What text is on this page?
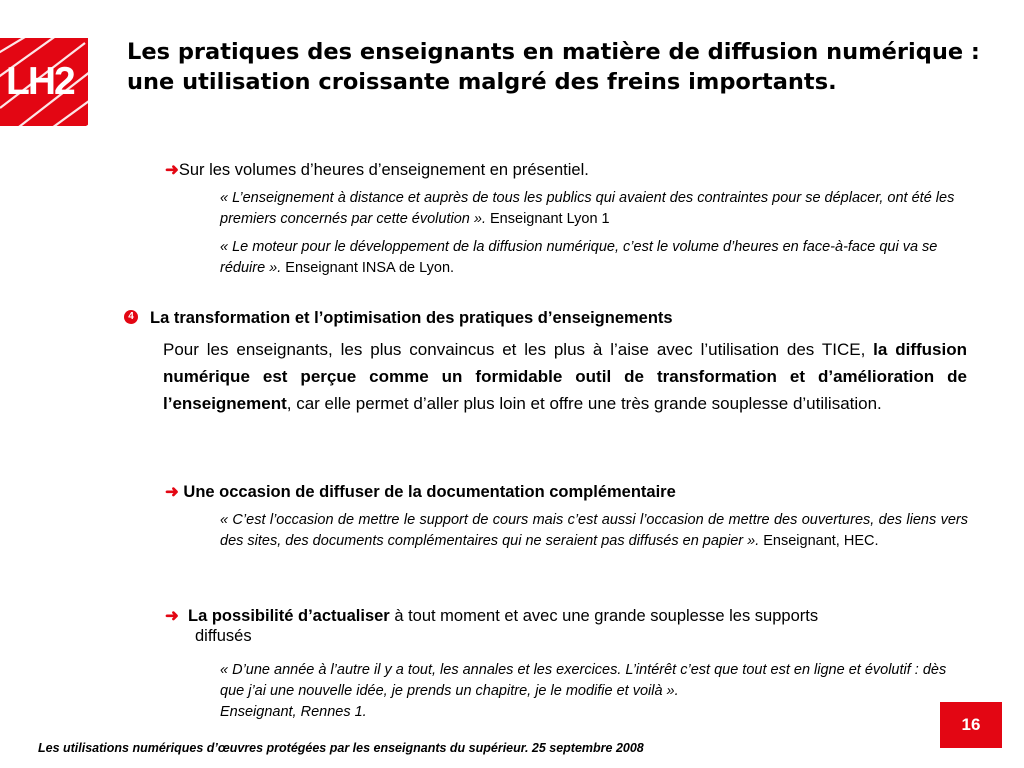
LH2
Les pratiques des enseignants en matière de diffusion numérique : une utilisation croissante malgré des freins importants.
➜Sur les volumes d’heures d’enseignement en présentiel.
« L’enseignement à distance et auprès de tous les publics qui avaient des contraintes pour se déplacer, ont été les premiers concernés par cette évolution ». Enseignant Lyon 1
« Le moteur pour le développement de la diffusion numérique, c’est le volume d’heures en face-à-face qui va se réduire ». Enseignant INSA de Lyon.
4 La transformation et l’optimisation des pratiques d’enseignements
Pour les enseignants, les plus convaincus et les plus à l’aise avec l’utilisation des TICE, la diffusion numérique est perçue comme un formidable outil de transformation et d’amélioration de l’enseignement, car elle permet d’aller plus loin et offre une très grande souplesse d’utilisation.
➜ Une occasion de diffuser de la documentation complémentaire
« C’est l’occasion de mettre le support de cours mais c’est aussi l’occasion de mettre des ouvertures, des liens vers des sites, des documents complémentaires qui ne seraient pas diffusés en papier ». Enseignant, HEC.
➜ La possibilité d’actualiser à tout moment et avec une grande souplesse les supports
diffusés
« D’une année à l’autre il y a tout, les annales et les exercices. L’intérêt c’est que tout est en ligne et évolutif : dès que j’ai une nouvelle idée, je prends un chapitre, je le modifie et voilà ».
Enseignant, Rennes 1.
Les utilisations numériques d’œuvres protégées par les enseignants du supérieur. 25 septembre 2008
16
